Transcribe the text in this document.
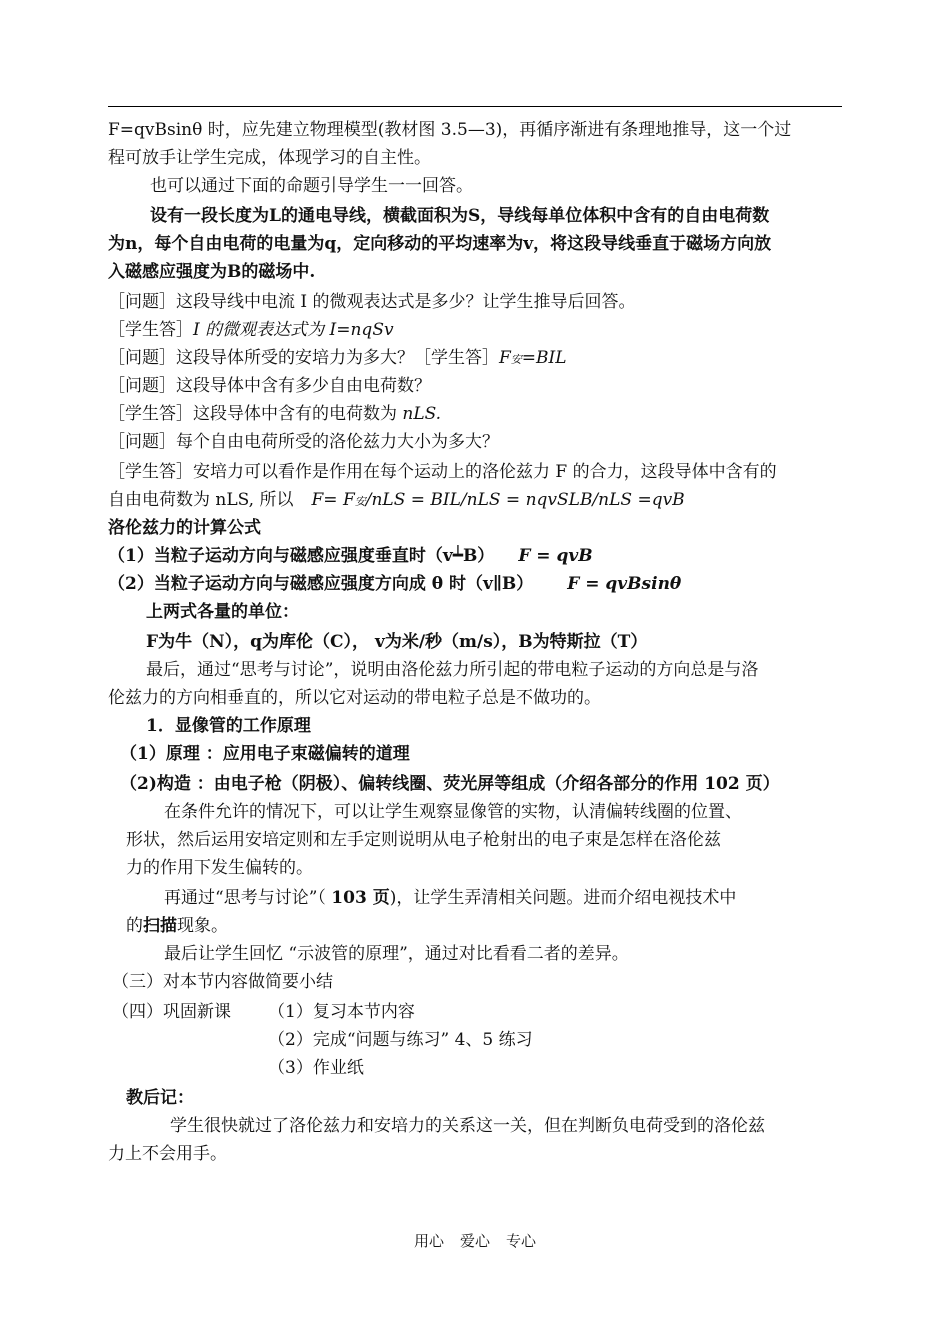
F=qvBsinθ 时，应先建立物理模型(教材图 3.5—3)，再循序渐进有条理地推导，这一个过
程可放手让学生完成，体现学习的自主性。
也可以通过下面的命题引导学生一一回答。
设有一段长度为L的通电导线，横截面积为S，导线每单位体积中含有的自由电荷数
为n，每个自由电荷的电量为q，定向移动的平均速率为v，将这段导线垂直于磁场方向放
入磁感应强度为B的磁场中.
［问题］这段导线中电流 I 的微观表达式是多少？让学生推导后回答。
［学生答］I 的微观表达式为 I=nqSv
［问题］这段导体所受的安培力为多大？［学生答］F安=BIL
［问题］这段导体中含有多少自由电荷数？
［学生答］这段导体中含有的电荷数为 nLS.
［问题］每个自由电荷所受的洛伦兹力大小为多大？
［学生答］安培力可以看作是作用在每个运动上的洛伦兹力 F 的合力，这段导体中含有的
自由电荷数为 nLS, 所以 F= F安/nLS = BIL/nLS = nqvSLB/nLS =qvB
洛伦兹力的计算公式
（1）当粒子运动方向与磁感应强度垂直时（v┷B） F = qvB
（2）当粒子运动方向与磁感应强度方向成 θ 时（v∥B） F = qvBsinθ
上两式各量的单位：
F为牛（N），q为库伦（C）， v为米/秒（m/s），B为特斯拉（T）
最后，通过“思考与讨论”，说明由洛伦兹力所引起的带电粒子运动的方向总是与洛
伦兹力的方向相垂直的，所以它对运动的带电粒子总是不做功的。
1．显像管的工作原理
（1）原理 ：应用电子束磁偏转的道理
（2)构造 ：由电子枪（阴极）、偏转线圈、荧光屏等组成（介绍各部分的作用 102 页）
在条件允许的情况下，可以让学生观察显像管的实物，认清偏转线圈的位置、
形状，然后运用安培定则和左手定则说明从电子枪射出的电子束是怎样在洛伦兹
力的作用下发生偏转的。
再通过“思考与讨论”（ 103 页)，让学生弄清相关问题。进而介绍电视技术中
的扫描现象。
最后让学生回忆 “示波管的原理”，通过对比看看二者的差异。
（三）对本节内容做简要小结
（四）巩固新课 （1）复习本节内容
（2）完成“问题与练习” 4、5 练习
（3）作业纸
教后记：
学生很快就过了洛伦兹力和安培力的关系这一关，但在判断负电荷受到的洛伦兹
力上不会用手。
用心 爱心 专心
